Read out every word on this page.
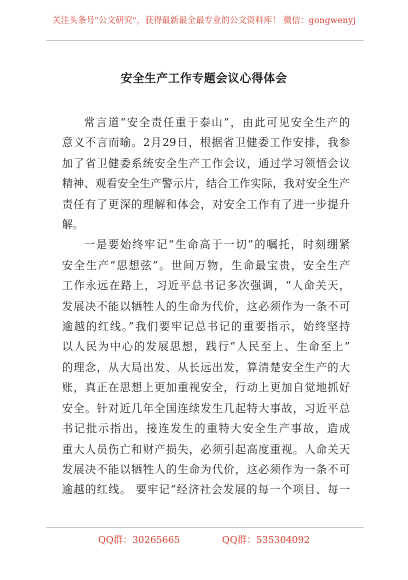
关注头条号"公文研究"，获得最新最全最专业的公文资料库！ 微信：gongwenyj
安全生产工作专题会议心得体会

常言道“安全责任重于泰山”，由此可见安全生产的
意义不言而喻。2月29日，根据省卫健委工作安排，我参
加了省卫健委系统安全生产工作会议，通过学习领悟会议
精神、观看安全生产警示片，结合工作实际，我对安全生产
责任有了更深的理解和体会，对安全工作有了进一步提升
解。

一是要始终牢记“生命高于一切”的嘱托，时刻绷紧
安全生产“思想弦”。世间万物，生命最宝贵，安全生产
工作永远在路上，习近平总书记多次强调，“人命关天，
发展决不能以牺牲人的生命为代价，这必须作为一条不可
逾越的红线。”我们要牢记总书记的重要指示，始终坚持
以人民为中心的发展思想，践行“人民至上、生命至上”
的理念，从大局出发、从长远出发，算清楚安全生产的大
账，真正在思想上更加重视安全，行动上更加自觉地抓好
安全。针对近几年全国连续发生几起特大事故，习近平总
书记批示指出，接连发生的重特大安全生产事故，造成
重大人员伤亡和财产损失，必须引起高度重视。人命关天
发展决不能以牺牲人的生命为代价，这必须作为一条不可
逾越的红线。 要牢记“经济社会发展的每一个项目、每一

QQ群：30265665	QQ群：535304092
